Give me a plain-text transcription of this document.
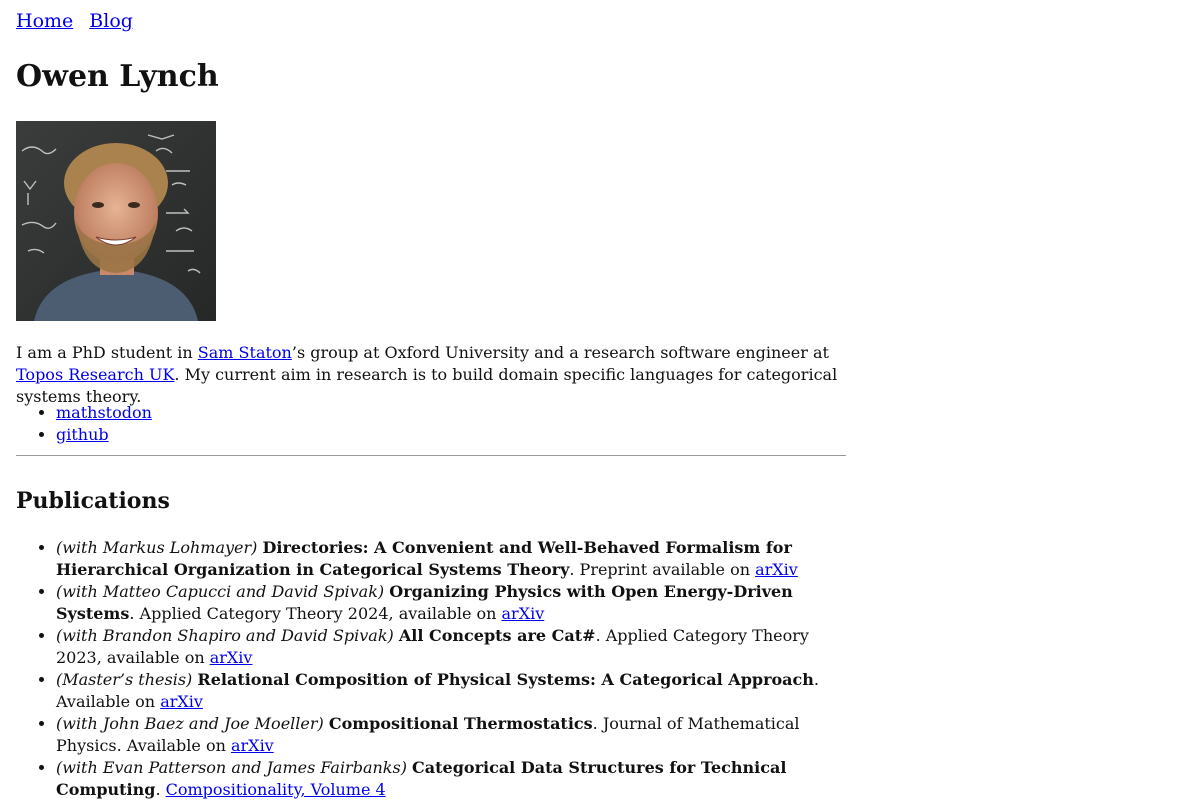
Home Blog
Owen Lynch

I am a PhD student in Sam Staton’s group at Oxford University and a research software engineer at Topos Research UK. My current aim in research is to build domain specific languages for categorical systems theory.

• mathstodon
• github
Publications
• (with Markus Lohmayer) Directories: A Convenient and Well-Behaved Formalism for Hierarchical Organization in Categorical Systems Theory. Preprint available on arXiv
• (with Matteo Capucci and David Spivak) Organizing Physics with Open Energy-Driven Systems. Applied Category Theory 2024, available on arXiv
• (with Brandon Shapiro and David Spivak) All Concepts are Cat#. Applied Category Theory 2023, available on arXiv
• (Master’s thesis) Relational Composition of Physical Systems: A Categorical Approach. Available on arXiv
• (with John Baez and Joe Moeller) Compositional Thermostatics. Journal of Mathematical Physics. Available on arXiv
• (with Evan Patterson and James Fairbanks) Categorical Data Structures for Technical Computing. Compositionality, Volume 4
